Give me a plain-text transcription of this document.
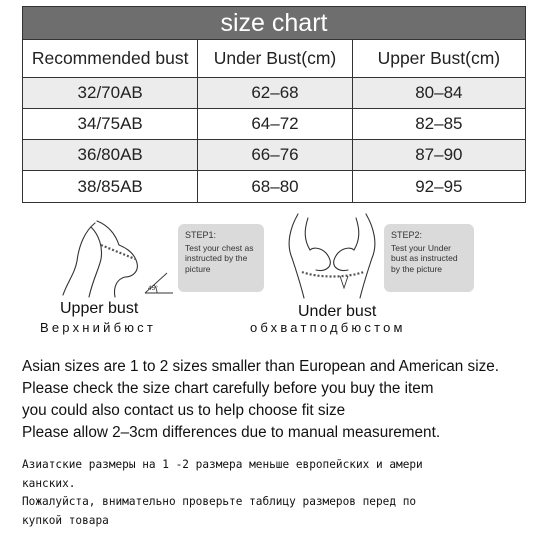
size chart
Recommended bust	Under Bust(cm)	Upper Bust(cm)
32/70AB	62–68	80–84
34/75AB	64–72	82–85
36/80AB	66–76	87–90
38/85AB	68–80	92–95
45°
STEP1:
Test your chest as instructed by the picture
Upper bust
Верхнийбюст
STEP2:
Test your Under bust as instructed by the picture
Under bust
обхватподбюстом
Asian sizes are 1 to 2 sizes smaller than European and American size.
Please check the size chart carefully before you buy the item
you could also contact us to help choose fit size
Please allow 2–3cm differences due to manual measurement.
Азиатские размеры на 1 -2 размера меньше европейских и амери
канских.
Пожалуйста, внимательно проверьте таблицу размеров перед по
купкой товара
